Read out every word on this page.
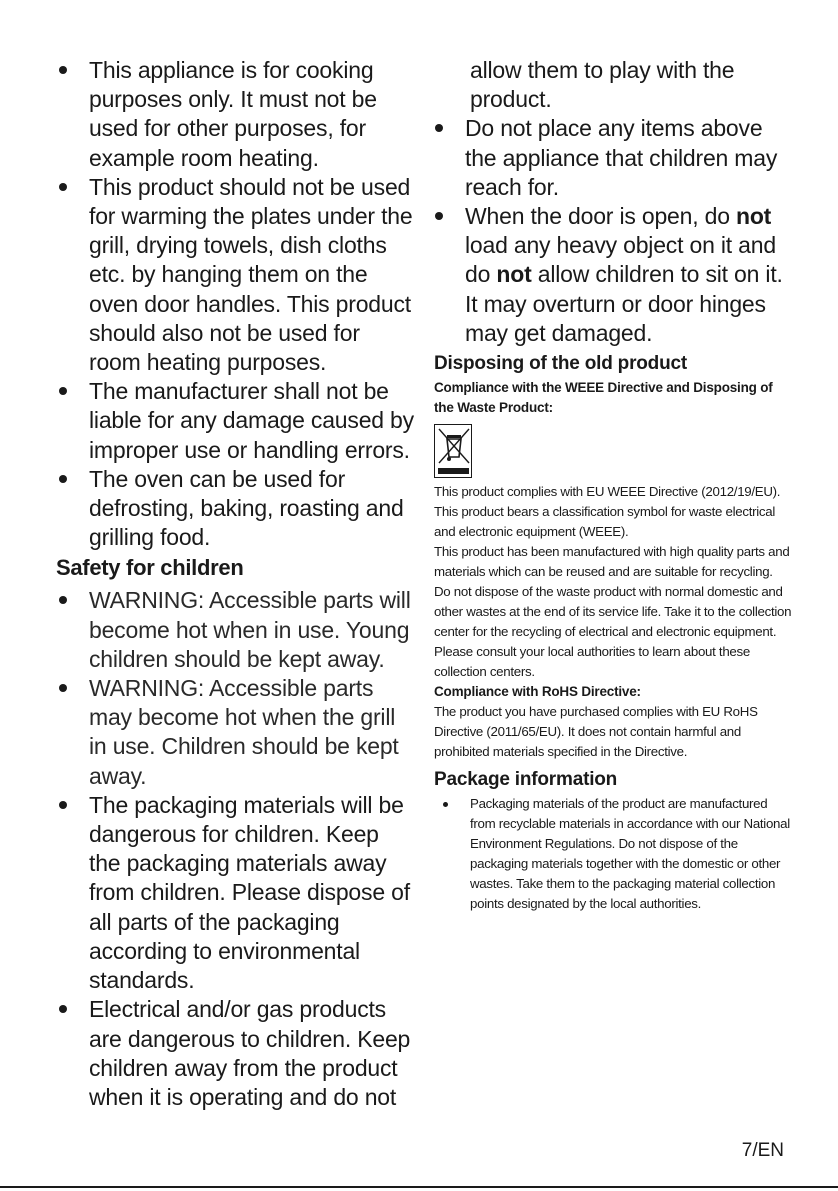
This appliance is for cooking purposes only. It must not be used for other purposes, for example room heating.
This product should not be used for warming the plates under the grill, drying towels, dish cloths etc. by hanging them on the oven door handles. This product should also not be used for room heating purposes.
The manufacturer shall not be liable for any damage caused by improper use or handling errors.
The oven can be used for defrosting, baking, roasting and grilling food.
Safety for children
WARNING: Accessible parts will become hot when in use. Young children should be kept away.
WARNING: Accessible parts may become hot when the grill in use. Children should be kept away.
The packaging materials will be dangerous for children. Keep the packaging materials away from children. Please dispose of all parts of the packaging according to environmental standards.
Electrical and/or gas products are dangerous to children. Keep children away from the product when it is operating and do not
allow them to play with the product.
Do not place any items above the appliance that children may reach for.
When the door is open, do not load any heavy object on it and do not allow children to sit on it. It may overturn or door hinges may get damaged.
Disposing of the old product
Compliance with the WEEE Directive and Disposing of the Waste Product:

This product complies with EU WEEE Directive (2012/19/EU). This product bears a classification symbol for waste electrical and electronic equipment (WEEE).

This product has been manufactured with high quality parts and materials which can be reused and are suitable for recycling. Do not dispose of the waste product with normal domestic and other wastes at the end of its service life. Take it to the collection center for the recycling of electrical and electronic equipment. Please consult your local authorities to learn about these collection centers.

Compliance with RoHS Directive:

The product you have purchased complies with EU RoHS Directive (2011/65/EU). It does not contain harmful and prohibited materials specified in the Directive.

Package information
Packaging materials of the product are manufactured from recyclable materials in accordance with our National Environment Regulations. Do not dispose of the packaging materials together with the domestic or other wastes. Take them to the packaging material collection points designated by the local authorities.
7/EN
